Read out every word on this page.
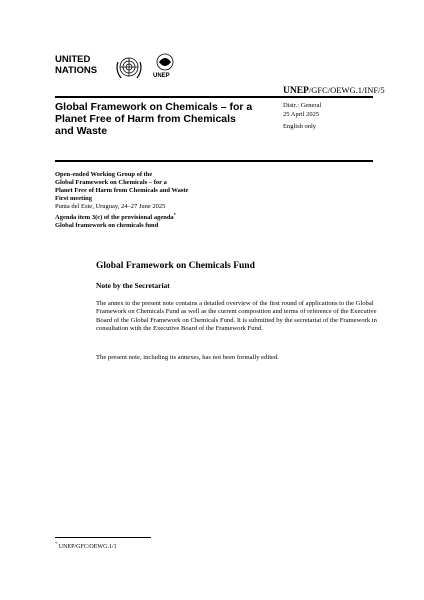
UNITED
NATIONS	UNEP
UNEP/GFC/OEWG.1/INF/5
Global Framework on Chemicals – for a Planet Free of Harm from Chemicals and Waste
Distr.: General
25 April 2025
English only
Open-ended Working Group of the
Global Framework on Chemicals – for a
Planet Free of Harm from Chemicals and Waste
First meeting
Punta del Este, Uruguay, 24–27 June 2025
Agenda item 3(c) of the provisional agenda*
Global framework on chemicals fund
Global Framework on Chemicals Fund
Note by the Secretariat
The annex to the present note contains a detailed overview of the first round of applications to the Global Framework on Chemicals Fund as well as the current composition and terms of reference of the Executive Board of the Global Framework on Chemicals Fund. It is submitted by the secretariat of the Framework in consultation with the Executive Board of the Framework Fund.
The present note, including its annexes, has not been formally edited.
* UNEP/GFC/OEWG.1/1
